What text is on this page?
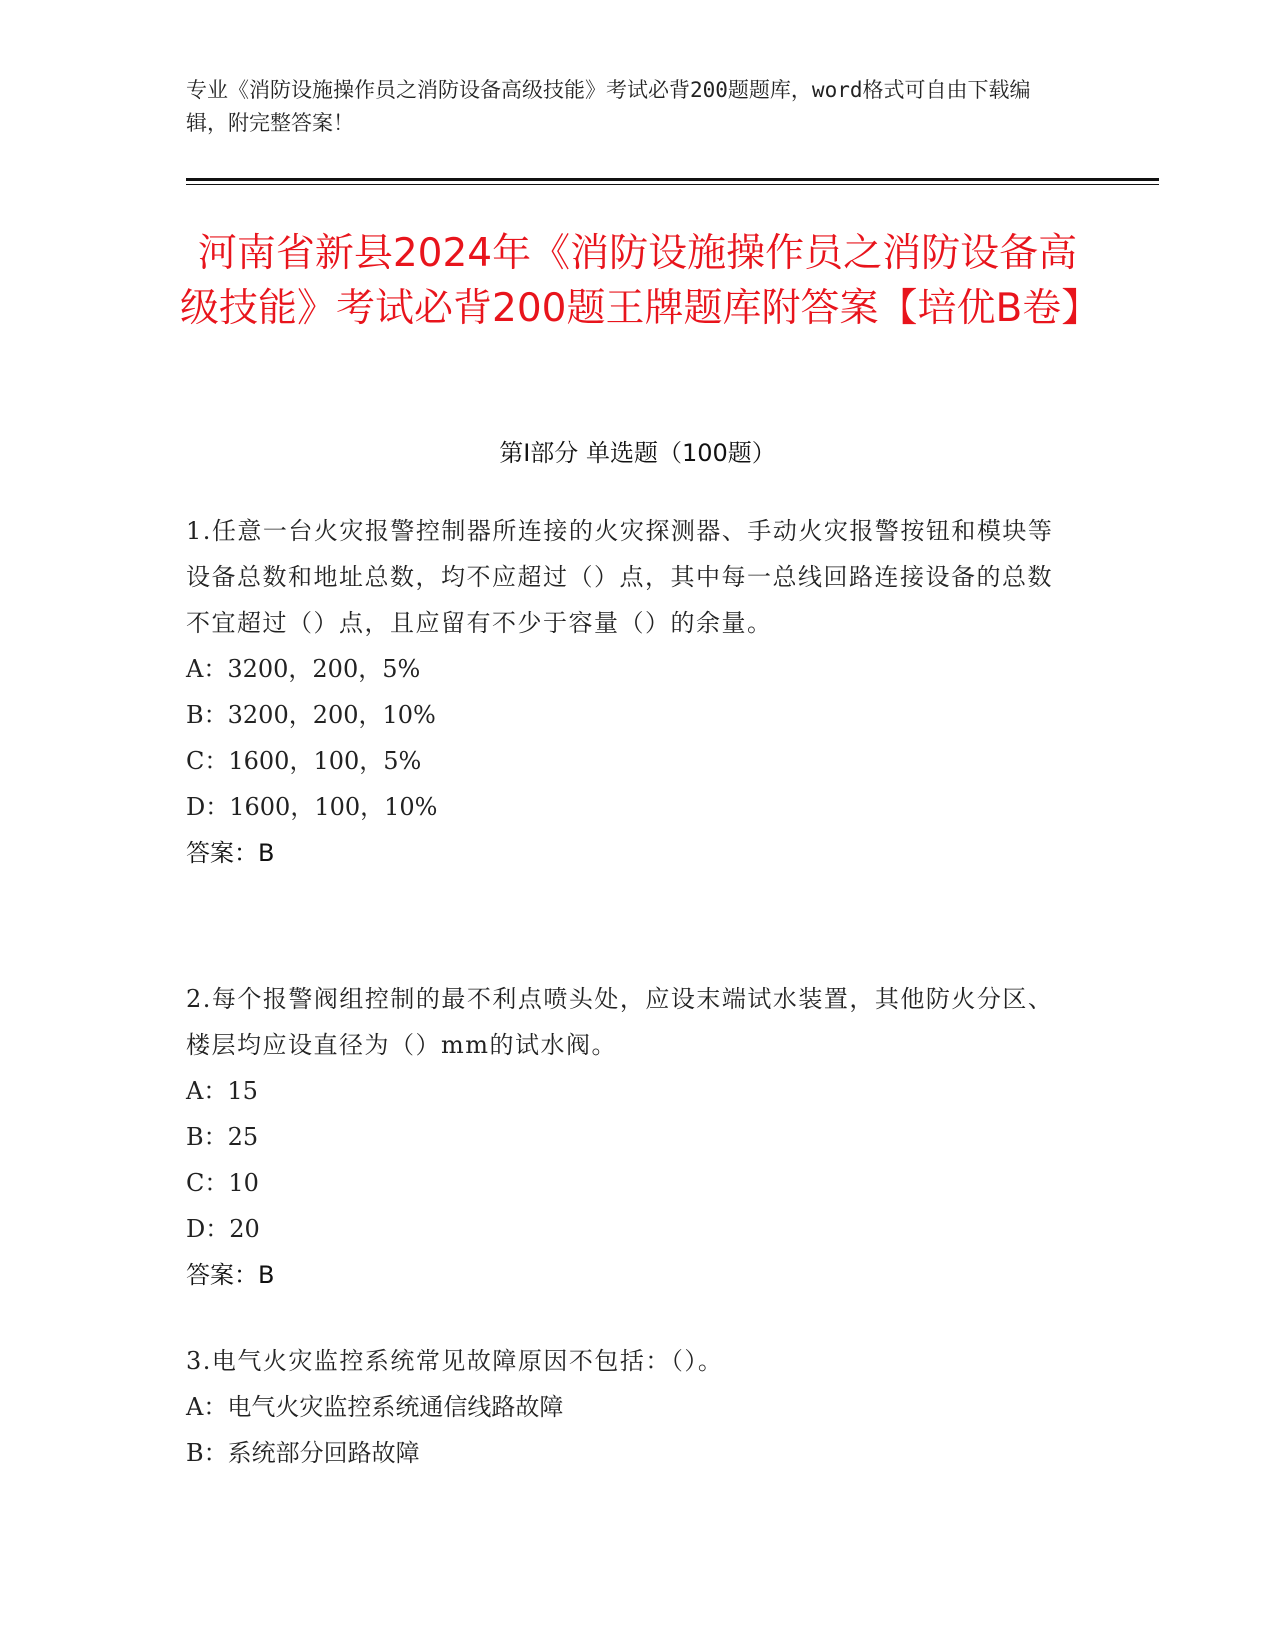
专业《消防设施操作员之消防设备高级技能》考试必背200题题库，word格式可自由下载编辑，附完整答案！
河南省新县2024年《消防设施操作员之消防设备高级技能》考试必背200题王牌题库附答案【培优B卷】
第I部分 单选题（100题）
1.任意一台火灾报警控制器所连接的火灾探测器、手动火灾报警按钮和模块等设备总数和地址总数，均不应超过（）点，其中每一总线回路连接设备的总数不宜超过（）点，且应留有不少于容量（）的余量。
A：3200，200，5%
B：3200，200，10%
C：1600，100，5%
D：1600，100，10%
答案：B
2.每个报警阀组控制的最不利点喷头处，应设末端试水装置，其他防火分区、楼层均应设直径为（）mm的试水阀。
A：15
B：25
C：10
D：20
答案：B
3.电气火灾监控系统常见故障原因不包括：（）。
A：电气火灾监控系统通信线路故障
B：系统部分回路故障
